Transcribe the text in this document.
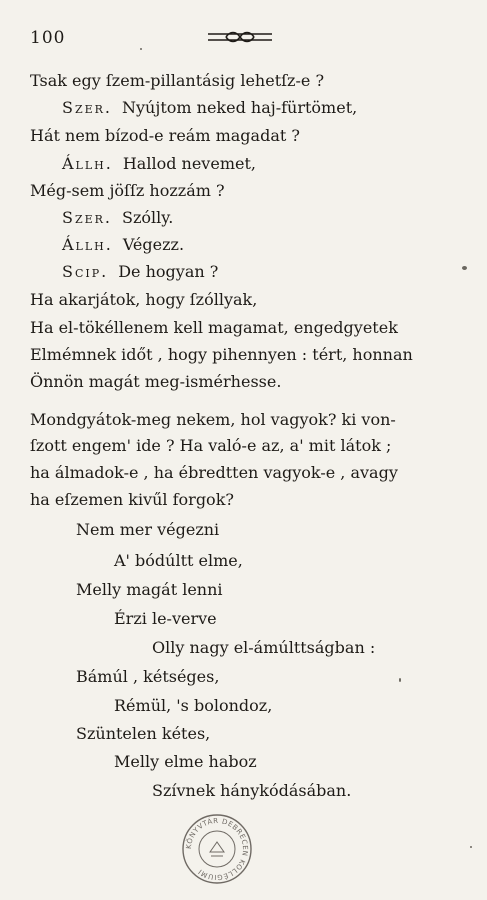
100
Tsak egy ſzem-pillantásig lehetſz-e ?
Szer. Nyújtom neked haj-fürtömet,
Hát nem bízod-e reám magadat ?
Állh. Hallod nevemet,
Még-sem jöſſz hozzám ?
Szer. Szólly.
Állh. Végezz.
Scip. De hogyan ?
Ha akarjátok, hogy ſzóllyak,
Ha el-tökéllenem kell magamat, engedgyetek
Elmémnek időt , hogy pihennyen : tért, honnan
Önnön magát meg-ismérhesse.
Mondgyátok-meg nekem, hol vagyok? ki von-
ſzott engem' ide ? Ha való-e az, a' mit látok ;
ha álmadok-e , ha ébredtten vagyok-e , avagy
ha eſzemen kivűl forgok?
Nem mer végezni
A' bódúltt elme,
Melly magát lenni
Érzi le-verve
Olly nagy el-ámúlttságban :
Bámúl , kétséges,
Rémül, 's bolondoz,
Szüntelen kétes,
Melly elme haboz
Szívnek hánykódásában.
KÖNYVTÁR DEBRECEN KOLLÉGIUMI
